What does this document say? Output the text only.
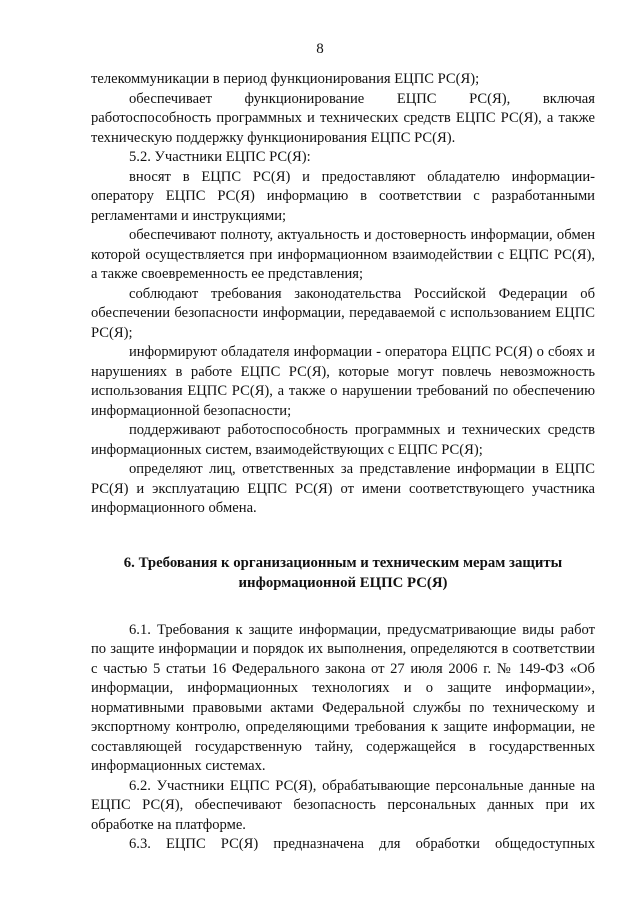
8

телекоммуникации в период функционирования ЕЦПС РС(Я);

обеспечивает функционирование ЕЦПС РС(Я), включая работоспособность программных и технических средств ЕЦПС РС(Я), а также техническую поддержку функционирования ЕЦПС РС(Я).

5.2. Участники ЕЦПС РС(Я):

вносят в ЕЦПС РС(Я) и предоставляют обладателю информации-оператору ЕЦПС РС(Я) информацию в соответствии с разработанными регламентами и инструкциями;

обеспечивают полноту, актуальность и достоверность информации, обмен которой осуществляется при информационном взаимодействии с ЕЦПС РС(Я), а также своевременность ее представления;

соблюдают требования законодательства Российской Федерации об обеспечении безопасности информации, передаваемой с использованием ЕЦПС РС(Я);

информируют обладателя информации - оператора ЕЦПС РС(Я) о сбоях и нарушениях в работе ЕЦПС РС(Я), которые могут повлечь невозможность использования ЕЦПС РС(Я), а также о нарушении требований по обеспечению информационной безопасности;

поддерживают работоспособность программных и технических средств информационных систем, взаимодействующих с ЕЦПС РС(Я);

определяют лиц, ответственных за представление информации в ЕЦПС РС(Я) и эксплуатацию ЕЦПС РС(Я) от имени соответствующего участника информационного обмена.

6. Требования к организационным и техническим мерам защиты
информационной ЕЦПС РС(Я)

6.1. Требования к защите информации, предусматривающие виды работ по защите информации и порядок их выполнения, определяются в соответствии с частью 5 статьи 16 Федерального закона от 27 июля 2006 г. № 149-ФЗ «Об информации, информационных технологиях и о защите информации», нормативными правовыми актами Федеральной службы по техническому и экспортному контролю, определяющими требования к защите информации, не составляющей государственную тайну, содержащейся в государственных информационных системах.

6.2. Участники ЕЦПС РС(Я), обрабатывающие персональные данные на ЕЦПС РС(Я), обеспечивают безопасность персональных данных при их обработке на платформе.

6.3. ЕЦПС РС(Я) предназначена для обработки общедоступных
